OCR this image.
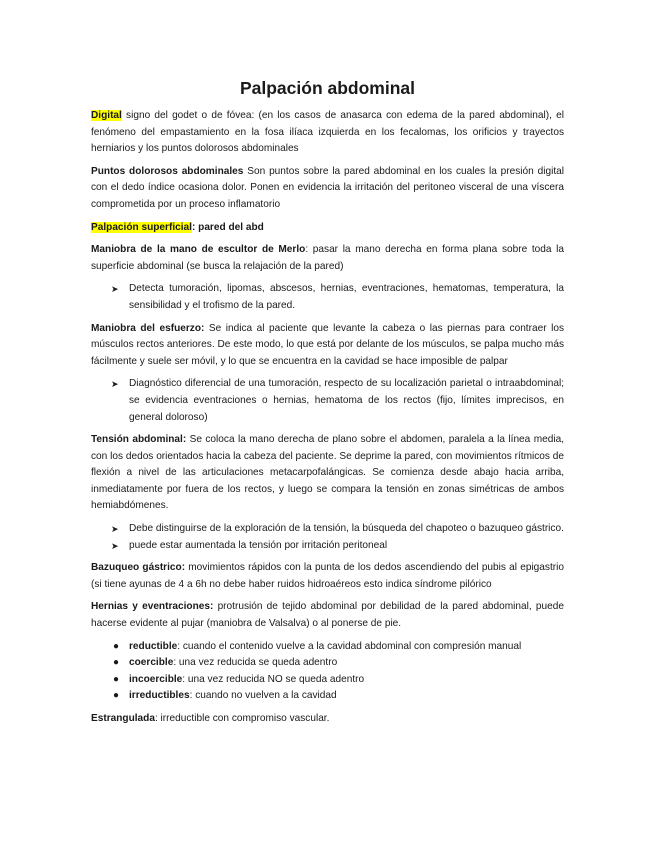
Palpación abdominal

Digital signo del godet o de fóvea: (en los casos de anasarca con edema de la pared abdominal), el fenómeno del empastamiento en la fosa ilíaca izquierda en los fecalomas, los orificios y trayectos herniarios y los puntos dolorosos abdominales

Puntos dolorosos abdominales Son puntos sobre la pared abdominal en los cuales la presión digital con el dedo índice ocasiona dolor. Ponen en evidencia la irritación del peritoneo visceral de una víscera comprometida por un proceso inflamatorio

Palpación superficial: pared del abd

Maniobra de la mano de escultor de Merlo: pasar la mano derecha en forma plana sobre toda la superficie abdominal (se busca la relajación de la pared)

➤ Detecta tumoración, lipomas, abscesos, hernias, eventraciones, hematomas, temperatura, la sensibilidad y el trofismo de la pared.

Maniobra del esfuerzo: Se indica al paciente que levante la cabeza o las piernas para contraer los músculos rectos anteriores. De este modo, lo que está por delante de los músculos, se palpa mucho más fácilmente y suele ser móvil, y lo que se encuentra en la cavidad se hace imposible de palpar

➤ Diagnóstico diferencial de una tumoración, respecto de su localización parietal o intraabdominal; se evidencia eventraciones o hernias, hematoma de los rectos (fijo, límites imprecisos, en general doloroso)

Tensión abdominal: Se coloca la mano derecha de plano sobre el abdomen, paralela a la línea media, con los dedos orientados hacia la cabeza del paciente. Se deprime la pared, con movimientos rítmicos de flexión a nivel de las articulaciones metacarpofalángicas. Se comienza desde abajo hacia arriba, inmediatamente por fuera de los rectos, y luego se compara la tensión en zonas simétricas de ambos hemiabdómenes.

➤ Debe distinguirse de la exploración de la tensión, la búsqueda del chapoteo o bazuqueo gástrico.
➤ puede estar aumentada la tensión por irritación peritoneal

Bazuqueo gástrico: movimientos rápidos con la punta de los dedos ascendiendo del pubis al epigastrio (si tiene ayunas de 4 a 6h no debe haber ruidos hidroaéreos esto indica síndrome pilórico

Hernias y eventraciones: protrusión de tejido abdominal por debilidad de la pared abdominal, puede hacerse evidente al pujar (maniobra de Valsalva) o al ponerse de pie.

● reductible: cuando el contenido vuelve a la cavidad abdominal con compresión manual
● coercible: una vez reducida se queda adentro
● incoercible: una vez reducida NO se queda adentro
● irreductibles: cuando no vuelven a la cavidad

Estrangulada: irreductible con compromiso vascular.
